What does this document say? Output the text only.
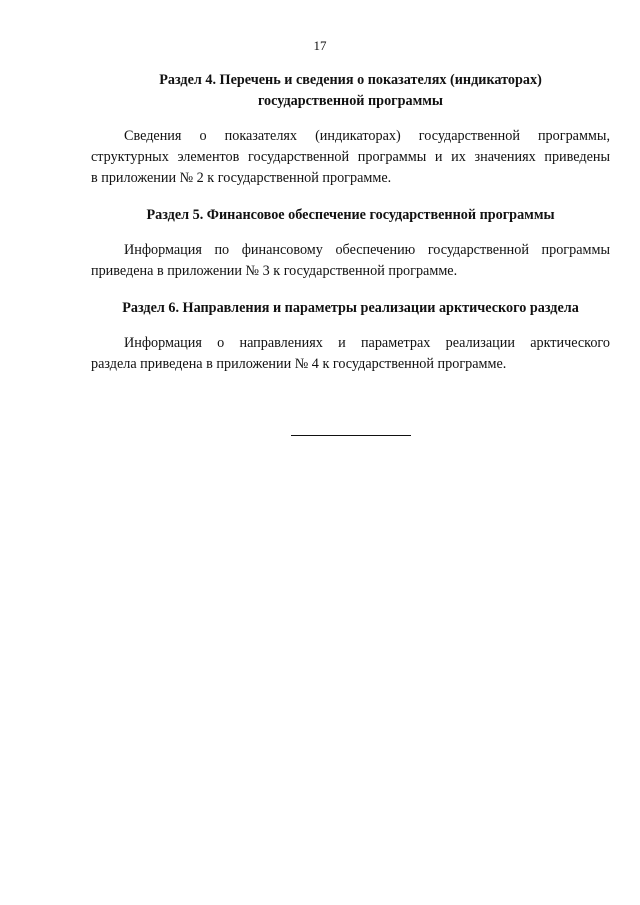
17
Раздел 4. Перечень и сведения о показателях (индикаторах)
государственной программы
Сведения о показателях (индикаторах) государственной программы,
структурных элементов государственной программы и их значениях приведены
в приложении № 2 к государственной программе.
Раздел 5. Финансовое обеспечение государственной программы
Информация по финансовому обеспечению государственной программы
приведена в приложении № 3 к государственной программе.
Раздел 6. Направления и параметры реализации арктического раздела
Информация о направлениях и параметрах реализации арктического
раздела приведена в приложении № 4 к государственной программе.
